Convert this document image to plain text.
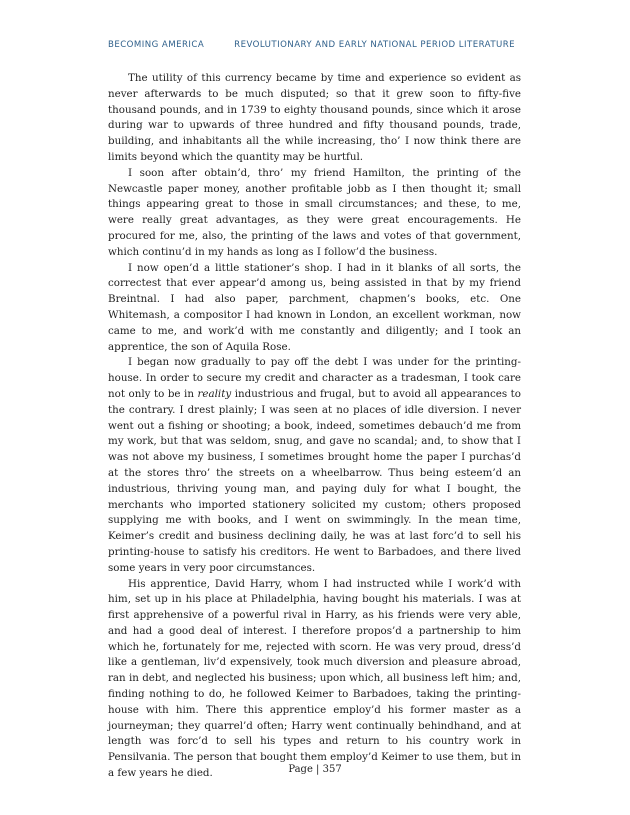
BECOMING AMERICA	REVOLUTIONARY AND EARLY NATIONAL PERIOD LITERATURE

The utility of this currency became by time and experience so evident as never afterwards to be much disputed; so that it grew soon to fifty-five thousand pounds, and in 1739 to eighty thousand pounds, since which it arose during war to upwards of three hundred and fifty thousand pounds, trade, building, and inhabitants all the while increasing, tho’ I now think there are limits beyond which the quantity may be hurtful.

I soon after obtain’d, thro’ my friend Hamilton, the printing of the Newcastle paper money, another profitable jobb as I then thought it; small things appearing great to those in small circumstances; and these, to me, were really great advantages, as they were great encouragements. He procured for me, also, the printing of the laws and votes of that government, which continu’d in my hands as long as I follow’d the business.

I now open’d a little stationer’s shop. I had in it blanks of all sorts, the correctest that ever appear’d among us, being assisted in that by my friend Breintnal. I had also paper, parchment, chapmen’s books, etc. One Whitemash, a compositor I had known in London, an excellent workman, now came to me, and work’d with me constantly and diligently; and I took an apprentice, the son of Aquila Rose.

I began now gradually to pay off the debt I was under for the printing-house. In order to secure my credit and character as a tradesman, I took care not only to be in reality industrious and frugal, but to avoid all appearances to the contrary. I drest plainly; I was seen at no places of idle diversion. I never went out a fishing or shooting; a book, indeed, sometimes debauch’d me from my work, but that was seldom, snug, and gave no scandal; and, to show that I was not above my business, I sometimes brought home the paper I purchas’d at the stores thro’ the streets on a wheelbarrow. Thus being esteem’d an industrious, thriving young man, and paying duly for what I bought, the merchants who imported stationery solicited my custom; others proposed supplying me with books, and I went on swimmingly. In the mean time, Keimer’s credit and business declining daily, he was at last forc’d to sell his printing-house to satisfy his creditors. He went to Barbadoes, and there lived some years in very poor circumstances.

His apprentice, David Harry, whom I had instructed while I work’d with him, set up in his place at Philadelphia, having bought his materials. I was at first apprehensive of a powerful rival in Harry, as his friends were very able, and had a good deal of interest. I therefore propos’d a partnership to him which he, fortunately for me, rejected with scorn. He was very proud, dress’d like a gentleman, liv’d expensively, took much diversion and pleasure abroad, ran in debt, and neglected his business; upon which, all business left him; and, finding nothing to do, he followed Keimer to Barbadoes, taking the printing-house with him. There this apprentice employ’d his former master as a journeyman; they quarrel’d often; Harry went continually behindhand, and at length was forc’d to sell his types and return to his country work in Pensilvania. The person that bought them employ’d Keimer to use them, but in a few years he died.	Page | 357
